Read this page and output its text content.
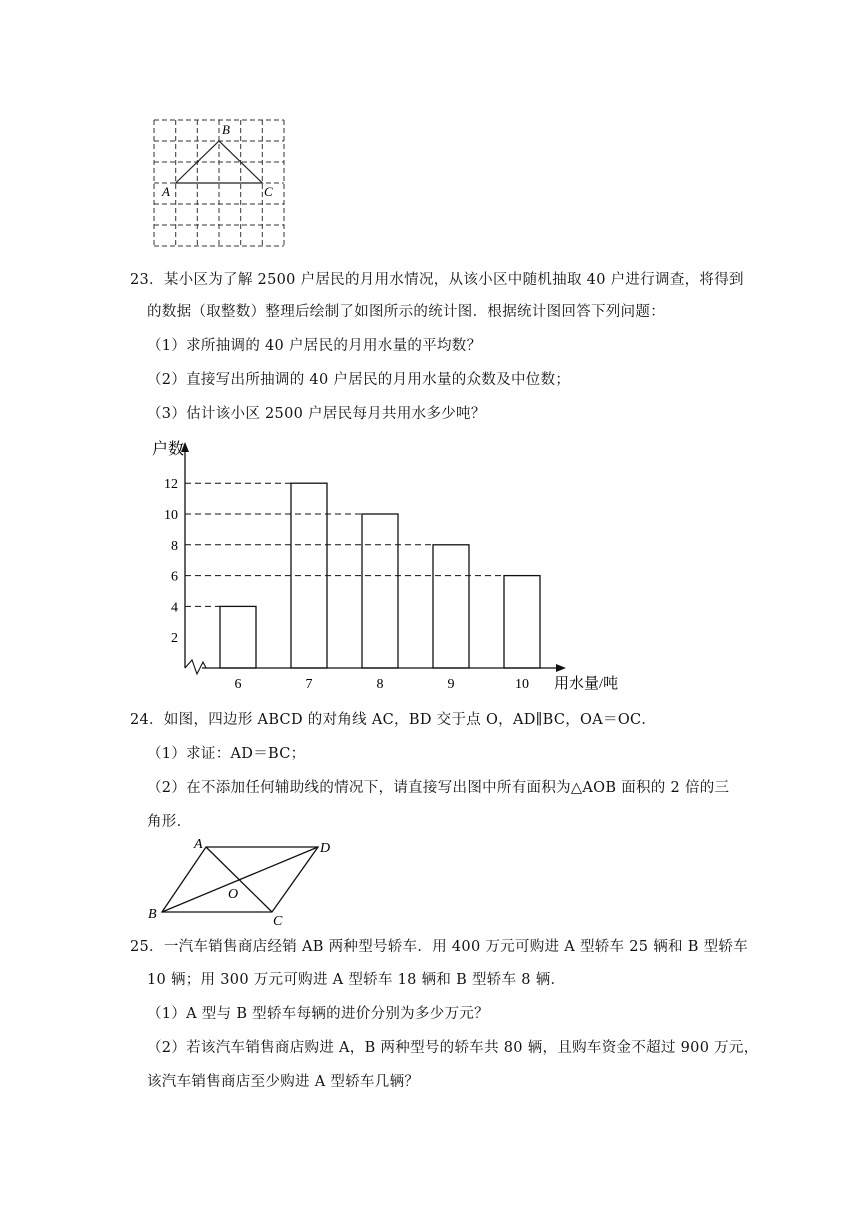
B
A	C
23．某小区为了解 2500 户居民的月用水情况，从该小区中随机抽取 40 户进行调查，将得到
的数据（取整数）整理后绘制了如图所示的统计图．根据统计图回答下列问题：
（1）求所抽调的 40 户居民的月用水量的平均数？
（2）直接写出所抽调的 40 户居民的月用水量的众数及中位数；
（3）估计该小区 2500 户居民每月共用水多少吨？
户数
用水量/吨
2
4
6
8
10
12
6	7	8	9	10
24．如图，四边形 ABCD 的对角线 AC，BD 交于点 O，AD∥BC，OA＝OC．
（1）求证：AD＝BC；
（2）在不添加任何辅助线的情况下，请直接写出图中所有面积为△AOB 面积的 2 倍的三
角形．
A	D
B	C
O
25．一汽车销售商店经销 AB 两种型号轿车．用 400 万元可购进 A 型轿车 25 辆和 B 型轿车
10 辆；用 300 万元可购进 A 型轿车 18 辆和 B 型轿车 8 辆．
（1）A 型与 B 型轿车每辆的进价分别为多少万元？
（2）若该汽车销售商店购进 A，B 两种型号的轿车共 80 辆，且购车资金不超过 900 万元，
该汽车销售商店至少购进 A 型轿车几辆？
